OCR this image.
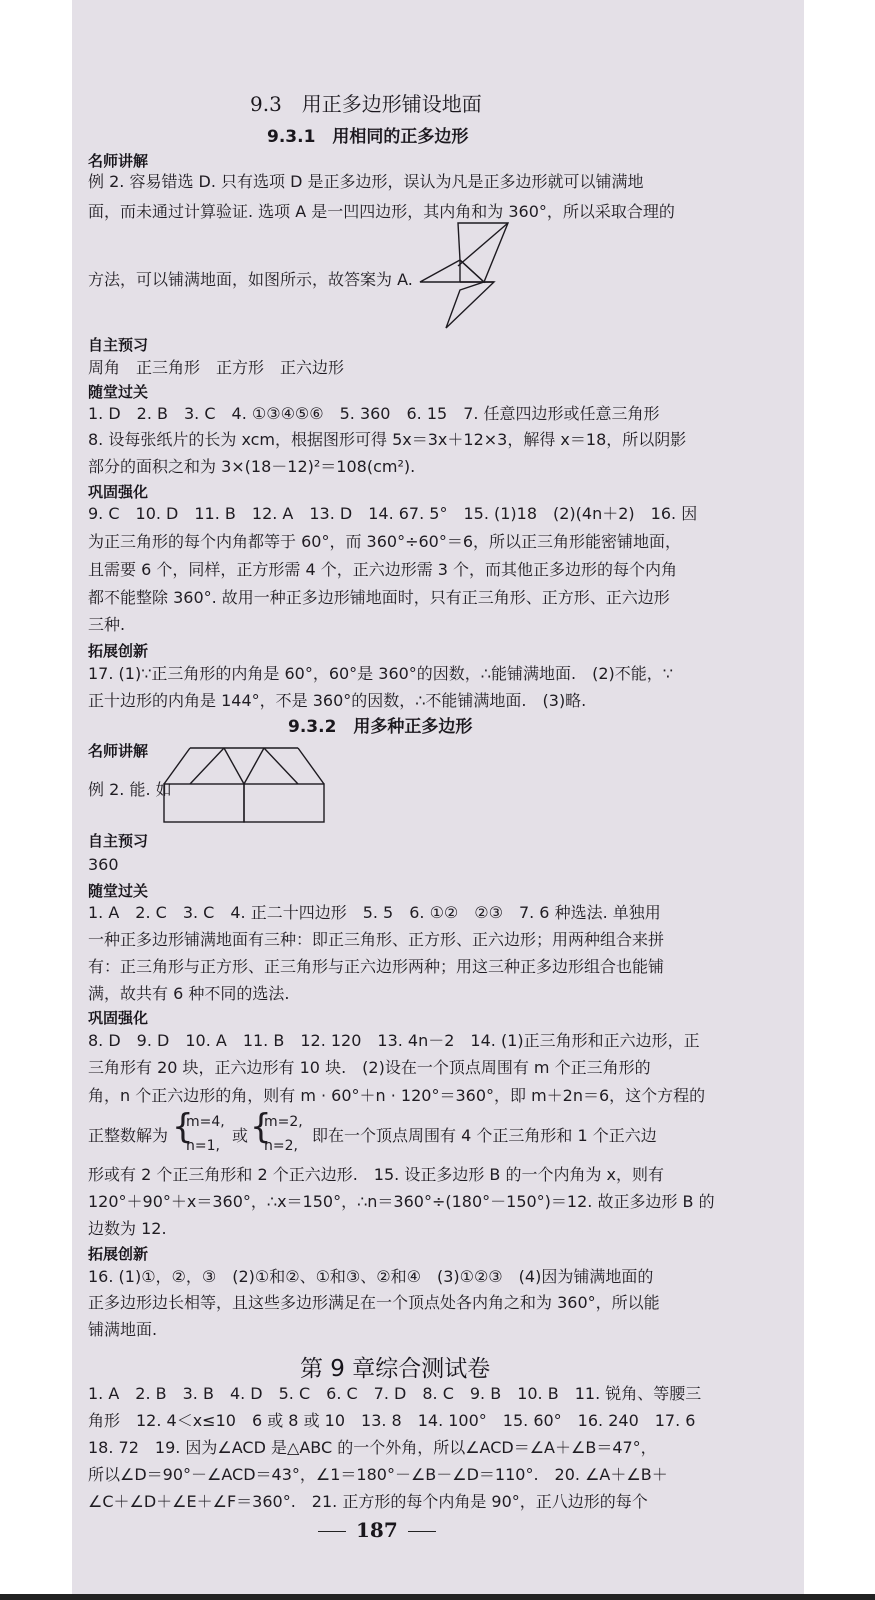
9.3　用正多边形铺设地面
9.3.1　用相同的正多边形
名师讲解
例 2. 容易错选 D. 只有选项 D 是正多边形，误认为凡是正多边形就可以铺满地
面，而未通过计算验证. 选项 A 是一凹四边形，其内角和为 360°，所以采取合理的
方法，可以铺满地面，如图所示，故答案为 A.
自主预习
周角　正三角形　正方形　正六边形
随堂过关
1. D　2. B　3. C　4. ①③④⑤⑥　5. 360　6. 15　7. 任意四边形或任意三角形
8. 设每张纸片的长为 xcm，根据图形可得 5x＝3x＋12×3，解得 x＝18，所以阴影
部分的面积之和为 3×(18－12)²＝108(cm²).
巩固强化
9. C　10. D　11. B　12. A　13. D　14. 67. 5°　15. (1)18　(2)(4n＋2)　16. 因
为正三角形的每个内角都等于 60°，而 360°÷60°＝6，所以正三角形能密铺地面，
且需要 6 个，同样，正方形需 4 个，正六边形需 3 个，而其他正多边形的每个内角
都不能整除 360°. 故用一种正多边形铺地面时，只有正三角形、正方形、正六边形
三种.
拓展创新
17. (1)∵正三角形的内角是 60°，60°是 360°的因数，∴能铺满地面.　(2)不能，∵
正十边形的内角是 144°，不是 360°的因数，∴不能铺满地面.　(3)略.
9.3.2　用多种正多边形
名师讲解
例 2. 能. 如
自主预习
360
随堂过关
1. A　2. C　3. C　4. 正二十四边形　5. 5　6. ①②　②③　7. 6 种选法. 单独用
一种正多边形铺满地面有三种：即正三角形、正方形、正六边形；用两种组合来拼
有：正三角形与正方形、正三角形与正六边形两种；用这三种正多边形组合也能铺
满，故共有 6 种不同的选法.
巩固强化
8. D　9. D　10. A　11. B　12. 120　13. 4n－2　14. (1)正三角形和正六边形，正
三角形有 20 块，正六边形有 10 块.　(2)设在一个顶点周围有 m 个正三角形的
角，n 个正六边形的角，则有 m · 60°＋n · 120°＝360°，即 m＋2n＝6，这个方程的
正整数解为 {
m=4,
n=1,
或 {
m=2,
n=2,
即在一个顶点周围有 4 个正三角形和 1 个正六边
形或有 2 个正三角形和 2 个正六边形.　15. 设正多边形 B 的一个内角为 x，则有
120°＋90°＋x＝360°，∴x＝150°，∴n＝360°÷(180°－150°)＝12. 故正多边形 B 的
边数为 12.
拓展创新
16. (1)①，②，③　(2)①和②、①和③、②和④　(3)①②③　(4)因为铺满地面的
正多边形边长相等，且这些多边形满足在一个顶点处各内角之和为 360°，所以能
铺满地面.
第 9 章综合测试卷
1. A　2. B　3. B　4. D　5. C　6. C　7. D　8. C　9. B　10. B　11. 锐角、等腰三
角形　12. 4＜x≤10　6 或 8 或 10　13. 8　14. 100°　15. 60°　16. 240　17. 6
18. 72　19. 因为∠ACD 是△ABC 的一个外角，所以∠ACD＝∠A＋∠B＝47°，
所以∠D＝90°－∠ACD＝43°，∠1＝180°－∠B－∠D＝110°.　20. ∠A＋∠B＋
∠C＋∠D＋∠E＋∠F＝360°.　21. 正方形的每个内角是 90°，正八边形的每个
187
